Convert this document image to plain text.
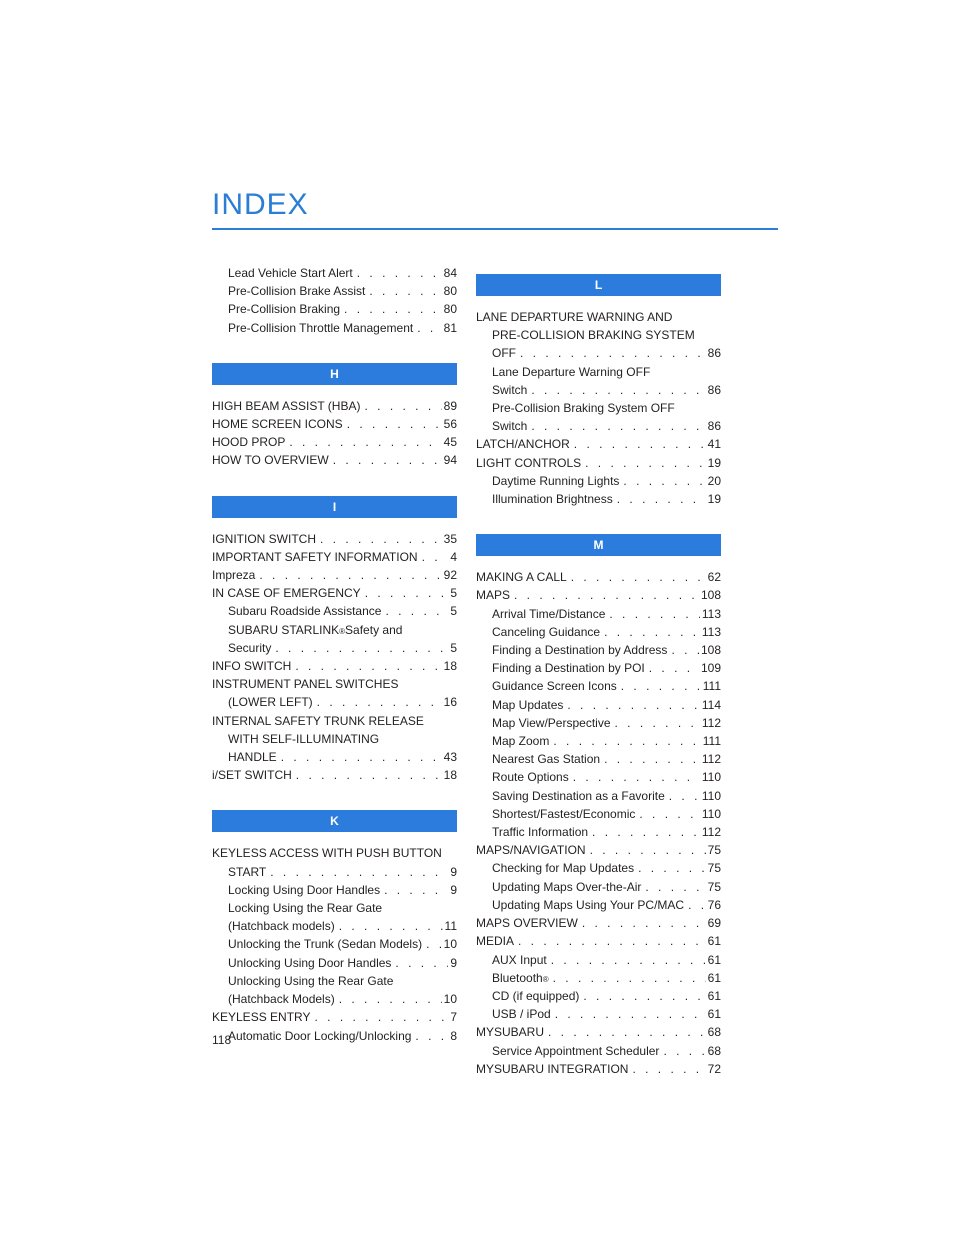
INDEX
Lead Vehicle Start Alert . . .	84
Pre-Collision Brake Assist . . .	80
Pre-Collision Braking . . .	80
Pre-Collision Throttle Management . . .	81
H
HIGH BEAM ASSIST (HBA) . . .	89
HOME SCREEN ICONS . . .	56
HOOD PROP . . .	45
HOW TO OVERVIEW . . .	94
I
IGNITION SWITCH . . .	35
IMPORTANT SAFETY INFORMATION . . .	4
Impreza . . .	92
IN CASE OF EMERGENCY . . .	5
Subaru Roadside Assistance . . .	5
SUBARU STARLINK ® Safety and
Security . . .	5
INFO SWITCH . . .	18
INSTRUMENT PANEL SWITCHES
(LOWER LEFT) . . .	16
INTERNAL SAFETY TRUNK RELEASE
WITH SELF-ILLUMINATING
HANDLE . . .	43
i/SET SWITCH . . .	18
K
KEYLESS ACCESS WITH PUSH BUTTON
START . . .	9
Locking Using Door Handles . . .	9
Locking Using the Rear Gate
(Hatchback models) . . .	11
Unlocking the Trunk (Sedan Models) . . . 10
Unlocking Using Door Handles . . .	9
Unlocking Using the Rear Gate
(Hatchback Models) . . .	10
KEYLESS ENTRY . . .	7
Automatic Door Locking/Unlocking . . .	8
L
LANE DEPARTURE WARNING AND
PRE-COLLISION BRAKING SYSTEM
OFF . . .	86
Lane Departure Warning OFF
Switch . . .	86
Pre-Collision Braking System OFF
Switch . . .	86
LATCH/ANCHOR . . .	41
LIGHT CONTROLS . . .	19
Daytime Running Lights . . .	20
Illumination Brightness . . .	19
M
MAKING A CALL . . .	62
MAPS . . .	108
Arrival Time/Distance . . .	113
Canceling Guidance . . .	113
Finding a Destination by Address . . .	108
Finding a Destination by POI . . .	109
Guidance Screen Icons . . .	111
Map Updates . . .	114
Map View/Perspective . . .	112
Map Zoom . . .	111
Nearest Gas Station . . .	112
Route Options . . .	110
Saving Destination as a Favorite . . .	110
Shortest/Fastest/Economic . . .	110
Traffic Information . . .	112
MAPS/NAVIGATION . . .	75
Checking for Map Updates . . .	75
Updating Maps Over-the-Air . . .	75
Updating Maps Using Your PC/MAC . . . 76
MAPS OVERVIEW . . .	69
MEDIA . . .	61
AUX Input . . .	61
Bluetooth ® . . .	61
CD (if equipped) . . .	61
USB / iPod . . .	61
MYSUBARU . . .	68
Service Appointment Scheduler . . .	68
MYSUBARU INTEGRATION . . .	72
118
